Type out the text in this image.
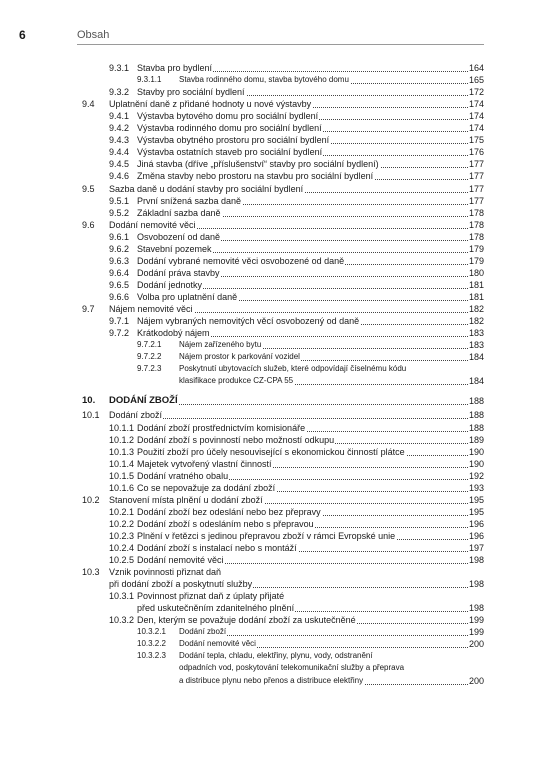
6	Obsah
9.3.1 Stavba pro bydlení	164
9.3.1.1 Stavba rodinného domu, stavba bytového domu	165
9.3.2 Stavby pro sociální bydlení	172
9.4 Uplatnění daně z přidané hodnoty u nové výstavby	174
9.4.1 Výstavba bytového domu pro sociální bydlení	174
9.4.2 Výstavba rodinného domu pro sociální bydlení	174
9.4.3 Výstavba obytného prostoru pro sociální bydlení	175
9.4.4 Výstavba ostatních staveb pro sociální bydlení	176
9.4.5 Jiná stavba (dříve „příslušenství“ stavby pro sociální bydlení)	177
9.4.6 Změna stavby nebo prostoru na stavbu pro sociální bydlení	177
9.5 Sazba daně u dodání stavby pro sociální bydlení	177
9.5.1 První snížená sazba daně	177
9.5.2 Základní sazba daně	178
9.6 Dodání nemovité věci	178
9.6.1 Osvobození od daně	178
9.6.2 Stavební pozemek	179
9.6.3 Dodání vybrané nemovité věci osvobozené od daně	179
9.6.4 Dodání práva stavby	180
9.6.5 Dodání jednotky	181
9.6.6 Volba pro uplatnění daně	181
9.7 Nájem nemovité věci	182
9.7.1 Nájem vybraných nemovitých věcí osvobozený od daně	182
9.7.2 Krátkodobý nájem	183
9.7.2.1 Nájem zařízeného bytu	183
9.7.2.2 Nájem prostor k parkování vozidel	184
9.7.2.3 Poskytnutí ubytovacích služeb, které odpovídají číselnému kódu
klasifikace produkce CZ-CPA 55	184
10. DODÁNÍ ZBOŽÍ	188
10.1 Dodání zboží	188
10.1.1 Dodání zboží prostřednictvím komisionáře	188
10.1.2 Dodání zboží s povinností nebo možností odkupu	189
10.1.3 Použití zboží pro účely nesouvisející s ekonomickou činností plátce	190
10.1.4 Majetek vytvořený vlastní činností	190
10.1.5 Dodání vratného obalu	192
10.1.6 Co se nepovažuje za dodání zboží	193
10.2 Stanovení místa plnění u dodání zboží	195
10.2.1 Dodání zboží bez odeslání nebo bez přepravy	195
10.2.2 Dodání zboží s odesláním nebo s přepravou	196
10.2.3 Plnění v řetězci s jedinou přepravou zboží v rámci Evropské unie	196
10.2.4 Dodání zboží s instalací nebo s montáží	197
10.2.5 Dodání nemovité věci	198
10.3 Vznik povinnosti přiznat daň
při dodání zboží a poskytnutí služby	198
10.3.1 Povinnost přiznat daň z úplaty přijaté
před uskutečněním zdanitelného plnění	198
10.3.2 Den, kterým se považuje dodání zboží za uskutečněné	199
10.3.2.1 Dodání zboží	199
10.3.2.2 Dodání nemovité věci	200
10.3.2.3 Dodání tepla, chladu, elektřiny, plynu, vody, odstranění
odpadních vod, poskytování telekomunikační služby a přeprava
a distribuce plynu nebo přenos a distribuce elektřiny	200
